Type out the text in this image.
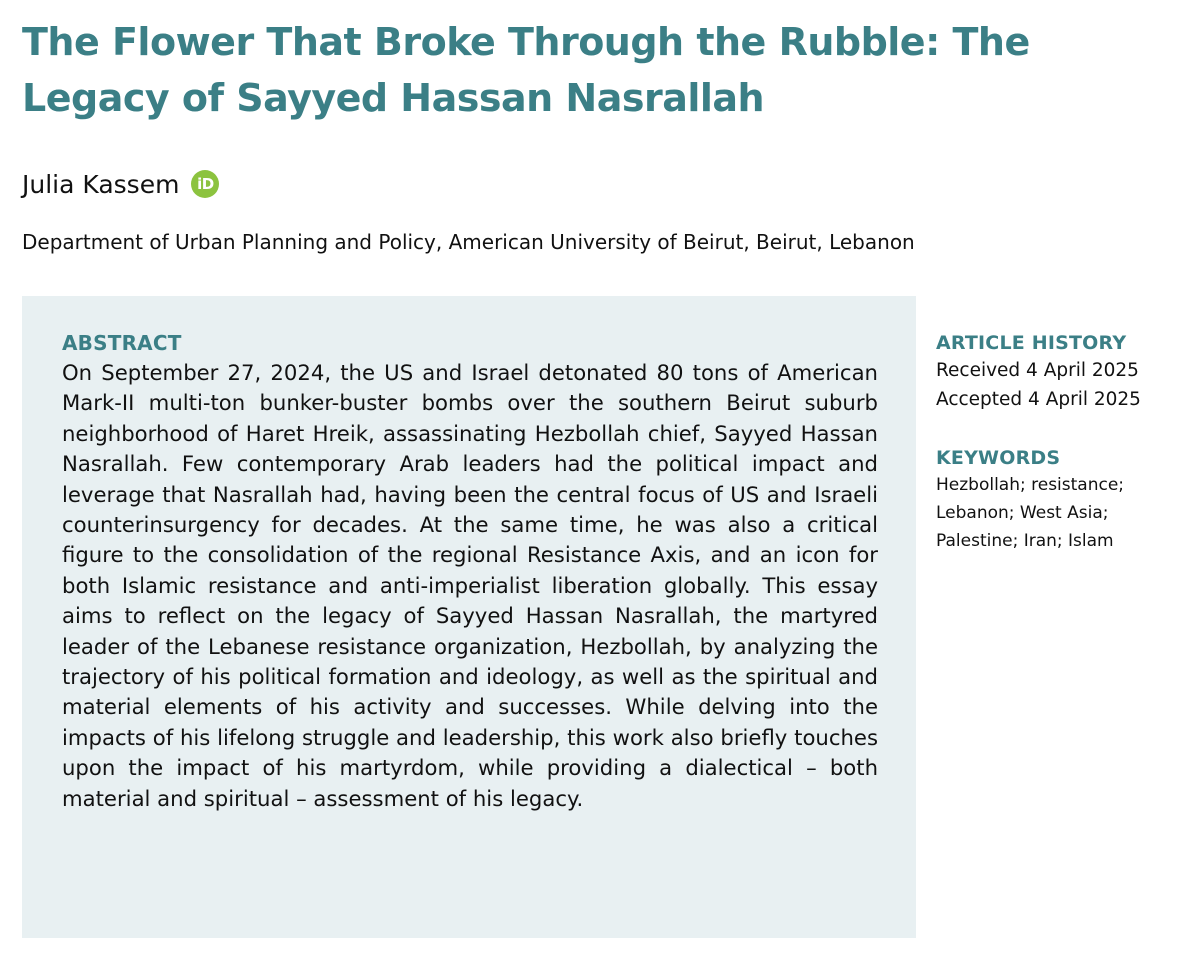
The Flower That Broke Through the Rubble: The Legacy of Sayyed Hassan Nasrallah
Julia Kassem	iD
Department of Urban Planning and Policy, American University of Beirut, Beirut, Lebanon
ABSTRACT

On September 27, 2024, the US and Israel detonated 80 tons of American Mark-II multi-ton bunker-buster bombs over the southern Beirut suburb neighborhood of Haret Hreik, assassinating Hezbollah chief, Sayyed Hassan Nasrallah. Few contemporary Arab leaders had the political impact and leverage that Nasrallah had, having been the central focus of US and Israeli counterinsurgency for decades. At the same time, he was also a critical figure to the consolidation of the regional Resistance Axis, and an icon for both Islamic resistance and anti-imperialist liberation globally. This essay aims to reflect on the legacy of Sayyed Hassan Nasrallah, the martyred leader of the Lebanese resistance organization, Hezbollah, by analyzing the trajectory of his political formation and ideology, as well as the spiritual and material elements of his activity and successes. While delving into the impacts of his lifelong struggle and leadership, this work also briefly touches upon the impact of his martyrdom, while providing a dialectical – both material and spiritual – assessment of his legacy.

ARTICLE HISTORY
Received 4 April 2025
Accepted 4 April 2025
KEYWORDS
Hezbollah; resistance; Lebanon; West Asia; Palestine; Iran; Islam
